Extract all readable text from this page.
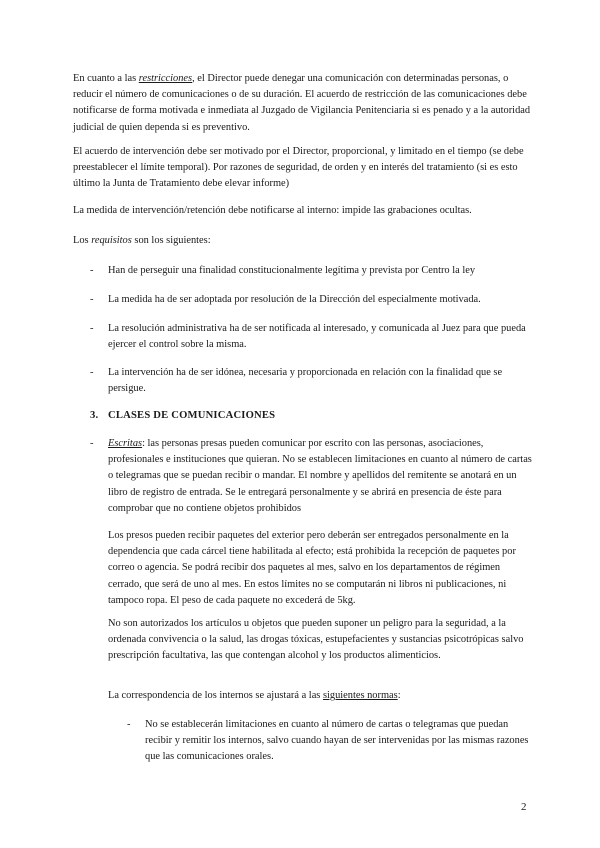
En cuanto a las restricciones, el Director puede denegar una comunicación con determinadas personas, o reducir el número de comunicaciones o de su duración. El acuerdo de restricción de las comunicaciones debe notificarse de forma motivada e inmediata al Juzgado de Vigilancia Penitenciaria si es penado y a la autoridad judicial de quien dependa si es preventivo.

El acuerdo de intervención debe ser motivado por el Director, proporcional, y limitado en el tiempo (se debe preestablecer el límite temporal). Por razones de seguridad, de orden y en interés del tratamiento (si es esto último la Junta de Tratamiento debe elevar informe)

La medida de intervención/retención debe notificarse al interno: impide las grabaciones ocultas.

Los requisitos son los siguientes:

- Han de perseguir una finalidad constitucionalmente legítima y prevista por Centro la ley
- La medida ha de ser adoptada por resolución de la Dirección del especialmente motivada.
- La resolución administrativa ha de ser notificada al interesado, y comunicada al Juez para que pueda ejercer el control sobre la misma.
- La intervención ha de ser idónea, necesaria y proporcionada en relación con la finalidad que se persigue.
3. CLASES DE COMUNICACIONES
- Escritas: las personas presas pueden comunicar por escrito con las personas, asociaciones, profesionales e instituciones que quieran. No se establecen limitaciones en cuanto al número de cartas o telegramas que se puedan recibir o mandar. El nombre y apellidos del remitente se anotará en un libro de registro de entrada. Se le entregará personalmente y se abrirá en presencia de éste para comprobar que no contiene objetos prohibidos

Los presos pueden recibir paquetes del exterior pero deberán ser entregados personalmente en la dependencia que cada cárcel tiene habilitada al efecto; está prohibida la recepción de paquetes por correo o agencia. Se podrá recibir dos paquetes al mes, salvo en los departamentos de régimen cerrado, que será de uno al mes. En estos límites no se computarán ni libros ni publicaciones, ni tampoco ropa. El peso de cada paquete no excederá de 5kg.

No son autorizados los artículos u objetos que pueden suponer un peligro para la seguridad, a la ordenada convivencia o la salud, las drogas tóxicas, estupefacientes y sustancias psicotrópicas salvo prescripción facultativa, las que contengan alcohol y los productos alimenticios.

La correspondencia de los internos se ajustará a las siguientes normas:

- No se establecerán limitaciones en cuanto al número de cartas o telegramas que puedan recibir y remitir los internos, salvo cuando hayan de ser intervenidas por las mismas razones que las comunicaciones orales.
2
